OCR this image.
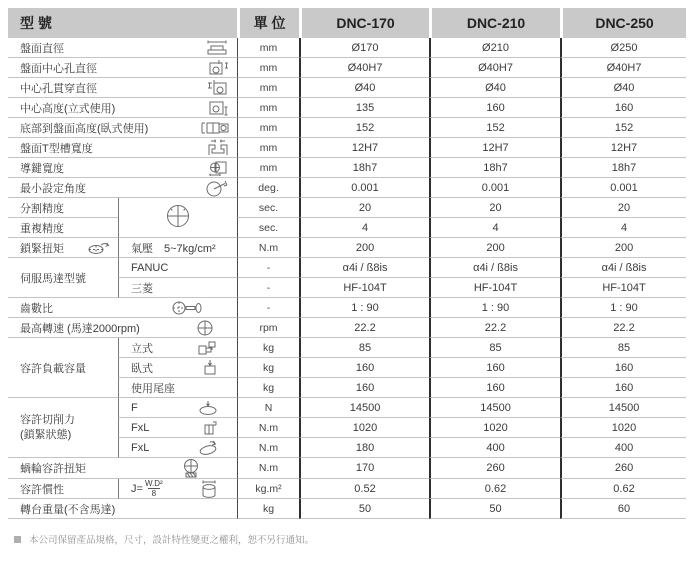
型 號		單 位	DNC-170	DNC-210	DNC-250

盤面直徑		mm	Ø170	Ø210	Ø250

盤面中心孔直徑		mm	Ø40H7	Ø40H7	Ø40H7

中心孔貫穿直徑		mm	Ø40	Ø40	Ø40

中心高度(立式使用)		mm	135	160	160

底部到盤面高度(臥式使用)		mm	152	152	152

盤面T型槽寬度		mm	12H7	12H7	12H7

導鍵寬度		mm	18h7	18h7	18h7

最小設定角度		deg.	0.001	0.001	0.001

分割精度		sec.	20	20	20

重複精度		sec.	4	4	4

鎖緊扭矩	氣壓　5~7kg/cm²	N.m	200	200	200

伺服馬達型號	FANUC	-	α4i / ß8is	α4i / ß8is	α4i / ß8is

	三菱	-	HF-104T	HF-104T	HF-104T

齒數比		-	1 : 90	1 : 90	1 : 90

最高轉速 (馬達2000rpm)		rpm	22.2	22.2	22.2

容許負載容量	立式	kg	85	85	85

	臥式	kg	160	160	160

	使用尾座	kg	160	160	160

容許切削力
(鎖緊狀態)	F	N	14500	14500	14500

	FxL	N.m	1020	1020	1020

	FxL	N.m	180	400	400

蝸輪容許扭矩		N.m	170	260	260

容許慣性	$J= \frac{\text{W.D²}}{8}$	kg.m²	0.52	0.62	0.62

轉台重量(不含馬達)		kg	50	50	60
本公司保留產品規格，尺寸，設計特性變更之權利，恕不另行通知。
